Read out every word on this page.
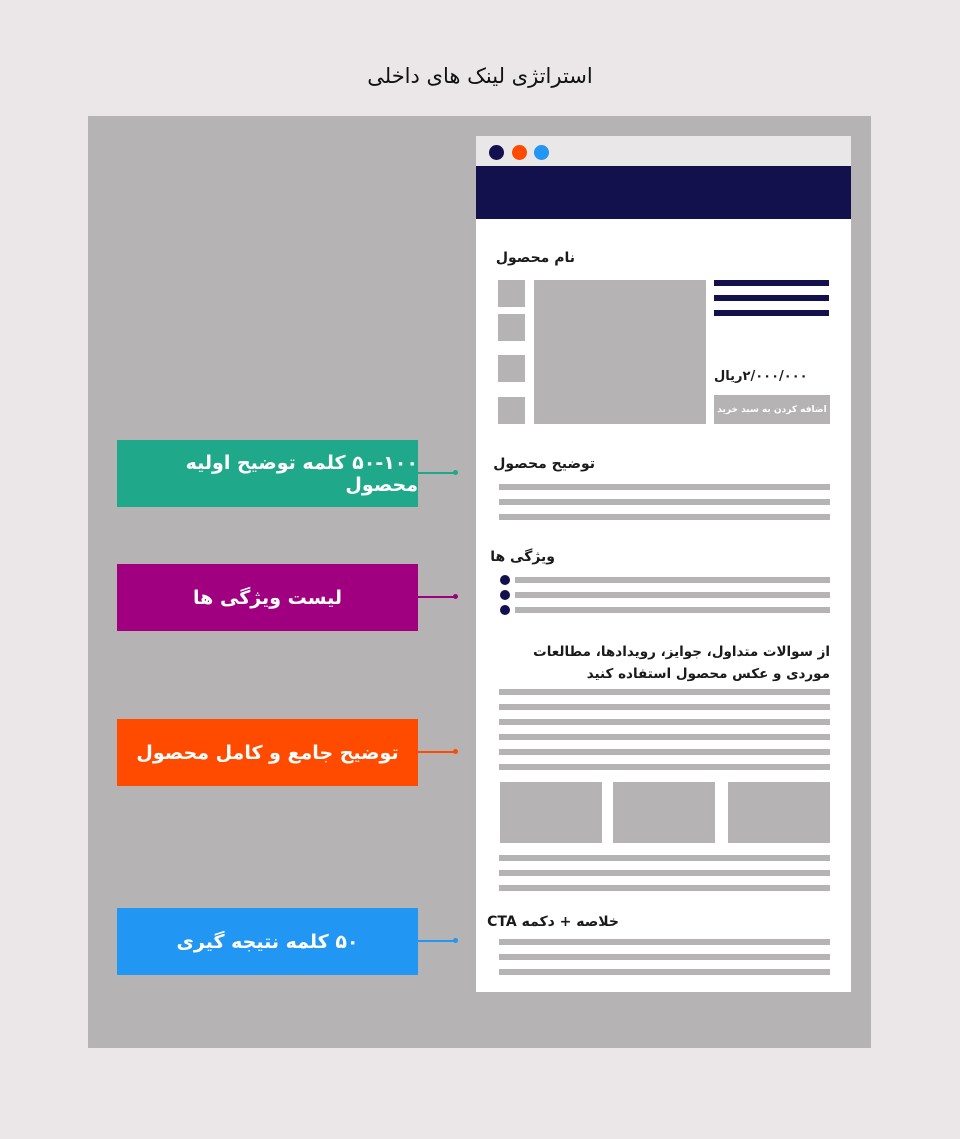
استراتژی لینک های داخلی
نام محصول
۲/۰۰۰/۰۰۰ریال
اضافه کردن به سبد خرید
توضیح محصول
ویژگی ها
از سوالات متداول، جوایز، رویدادها، مطالعات موردی و عکس محصول استفاده کنید
خلاصه + دکمه CTA
۵۰-۱۰۰ کلمه توضیح اولیه محصول
لیست ویژگی ها
توضیح جامع و کامل محصول
۵۰ کلمه نتیجه گیری
